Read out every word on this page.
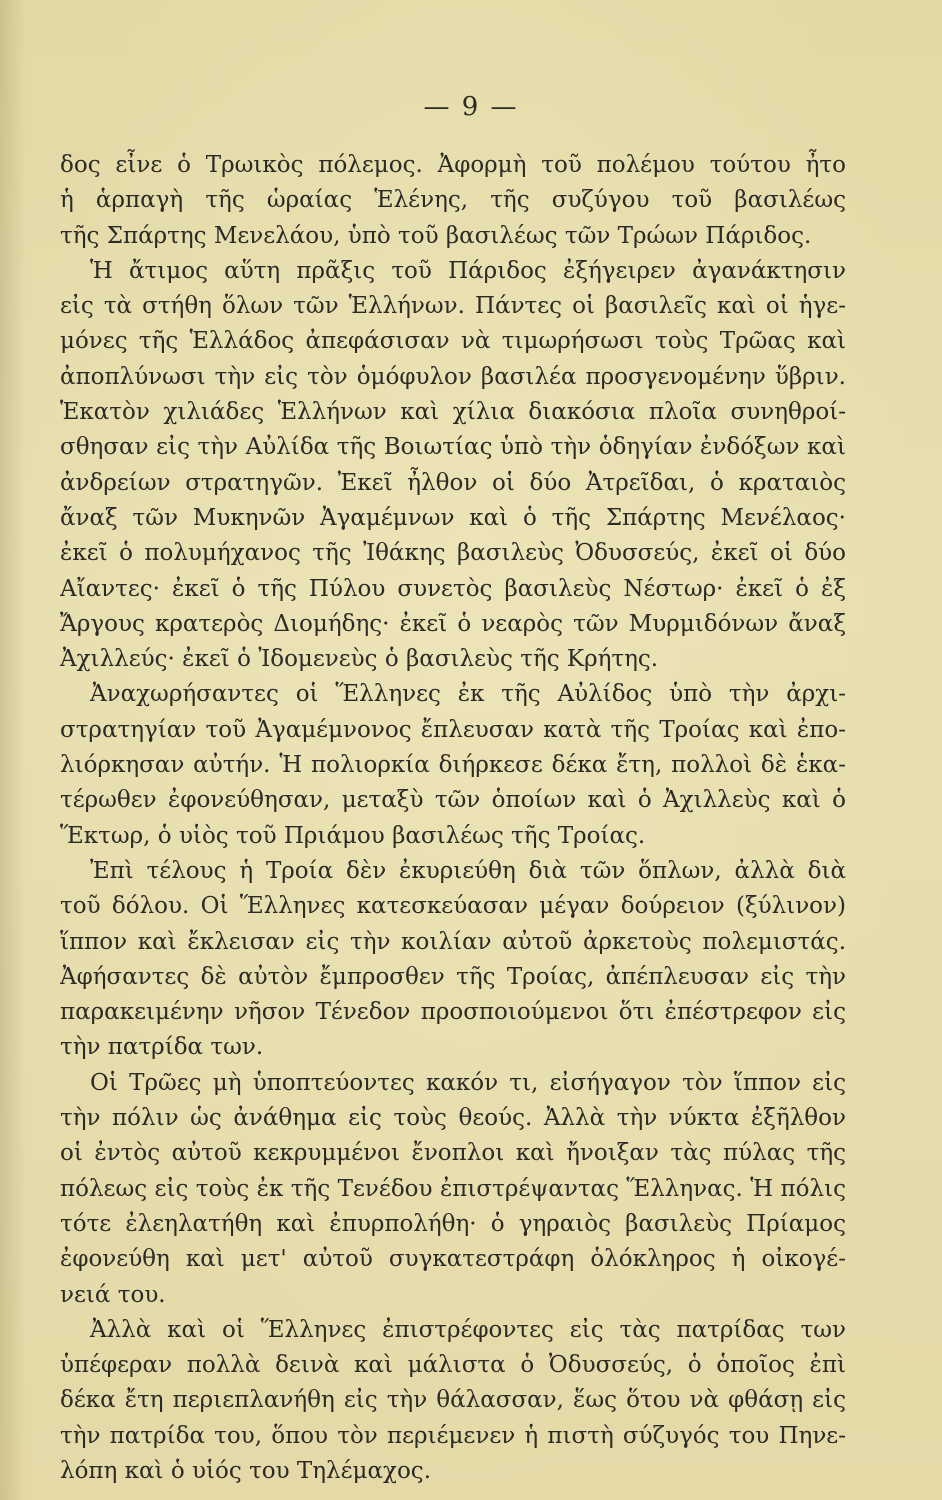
— 9 —
δος εἶνε ὁ Τρωικὸς πόλεμος. Ἀφορμὴ τοῦ πολέμου τούτου ἦτο
ἡ ἁρπαγὴ τῆς ὡραίας Ἑλένης, τῆς συζύγου τοῦ βασιλέως
τῆς Σπάρτης Μενελάου, ὑπὸ τοῦ βασιλέως τῶν Τρώων Πάριδος.
Ἡ ἄτιμος αὕτη πρᾶξις τοῦ Πάριδος ἐξήγειρεν ἀγανάκτησιν
εἰς τὰ στήθη ὅλων τῶν Ἑλλήνων. Πάντες οἱ βασιλεῖς καὶ οἱ ἡγε-
μόνες τῆς Ἑλλάδος ἀπεφάσισαν νὰ τιμωρήσωσι τοὺς Τρῶας καὶ
ἀποπλύνωσι τὴν εἰς τὸν ὁμόφυλον βασιλέα προσγενομένην ὕβριν.
Ἑκατὸν χιλιάδες Ἑλλήνων καὶ χίλια διακόσια πλοῖα συνηθροί-
σθησαν εἰς τὴν Αὐλίδα τῆς Βοιωτίας ὑπὸ τὴν ὁδηγίαν ἐνδόξων καὶ
ἀνδρείων στρατηγῶν. Ἐκεῖ ἦλθον οἱ δύο Ἀτρεῖδαι, ὁ κραταιὸς
ἄναξ τῶν Μυκηνῶν Ἀγαμέμνων καὶ ὁ τῆς Σπάρτης Μενέλαος·
ἐκεῖ ὁ πολυμήχανος τῆς Ἰθάκης βασιλεὺς Ὀδυσσεύς, ἐκεῖ οἱ δύο
Αἴαντες· ἐκεῖ ὁ τῆς Πύλου συνετὸς βασιλεὺς Νέστωρ· ἐκεῖ ὁ ἐξ
Ἄργους κρατερὸς Διομήδης· ἐκεῖ ὁ νεαρὸς τῶν Μυρμιδόνων ἄναξ
Ἀχιλλεύς· ἐκεῖ ὁ Ἰδομενεὺς ὁ βασιλεὺς τῆς Κρήτης.
Ἀναχωρήσαντες οἱ Ἕλληνες ἐκ τῆς Αὐλίδος ὑπὸ τὴν ἀρχι-
στρατηγίαν τοῦ Ἀγαμέμνονος ἔπλευσαν κατὰ τῆς Τροίας καὶ ἐπο-
λιόρκησαν αὐτήν. Ἡ πολιορκία διήρκεσε δέκα ἔτη, πολλοὶ δὲ ἑκα-
τέρωθεν ἐφονεύθησαν, μεταξὺ τῶν ὁποίων καὶ ὁ Ἀχιλλεὺς καὶ ὁ
Ἕκτωρ, ὁ υἱὸς τοῦ Πριάμου βασιλέως τῆς Τροίας.
Ἐπὶ τέλους ἡ Τροία δὲν ἐκυριεύθη διὰ τῶν ὅπλων, ἀλλὰ διὰ
τοῦ δόλου. Οἱ Ἕλληνες κατεσκεύασαν μέγαν δούρειον (ξύλινον)
ἵππον καὶ ἔκλεισαν εἰς τὴν κοιλίαν αὐτοῦ ἀρκετοὺς πολεμιστάς.
Ἀφήσαντες δὲ αὐτὸν ἔμπροσθεν τῆς Τροίας, ἀπέπλευσαν εἰς τὴν
παρακειμένην νῆσον Τένεδον προσποιούμενοι ὅτι ἐπέστρεφον εἰς
τὴν πατρίδα των.
Οἱ Τρῶες μὴ ὑποπτεύοντες κακόν τι, εἰσήγαγον τὸν ἵππον εἰς
τὴν πόλιν ὡς ἀνάθημα εἰς τοὺς θεούς. Ἀλλὰ τὴν νύκτα ἐξῆλθον
οἱ ἐντὸς αὐτοῦ κεκρυμμένοι ἔνοπλοι καὶ ἤνοιξαν τὰς πύλας τῆς
πόλεως εἰς τοὺς ἐκ τῆς Τενέδου ἐπιστρέψαντας Ἕλληνας. Ἡ πόλις
τότε ἐλεηλατήθη καὶ ἐπυρπολήθη· ὁ γηραιὸς βασιλεὺς Πρίαμος
ἐφονεύθη καὶ μετ' αὐτοῦ συγκατεστράφη ὁλόκληρος ἡ οἰκογέ-
νειά του.
Ἀλλὰ καὶ οἱ Ἕλληνες ἐπιστρέφοντες εἰς τὰς πατρίδας των
ὑπέφεραν πολλὰ δεινὰ καὶ μάλιστα ὁ Ὀδυσσεύς, ὁ ὁποῖος ἐπὶ
δέκα ἔτη περιεπλανήθη εἰς τὴν θάλασσαν, ἕως ὅτου νὰ φθάσῃ εἰς
τὴν πατρίδα του, ὅπου τὸν περιέμενεν ἡ πιστὴ σύζυγός του Πηνε-
λόπη καὶ ὁ υἱός του Τηλέμαχος.
